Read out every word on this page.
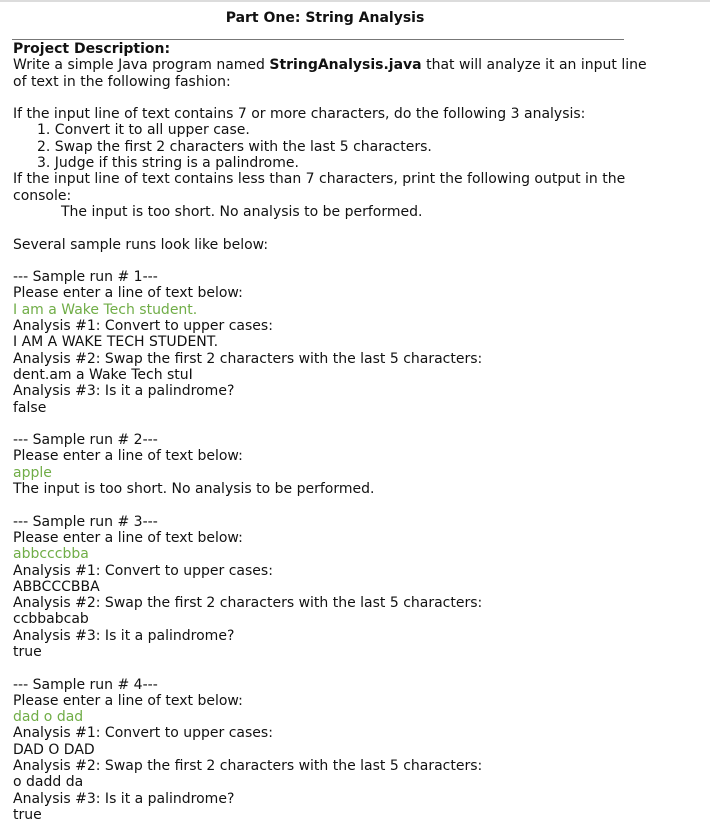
Part One: String Analysis
Project Description:
Write a simple Java program named StringAnalysis.java that will analyze it an input line
of text in the following fashion:
If the input line of text contains 7 or more characters, do the following 3 analysis:
1. Convert it to all upper case.
2. Swap the first 2 characters with the last 5 characters.
3. Judge if this string is a palindrome.
If the input line of text contains less than 7 characters, print the following output in the
console:
The input is too short. No analysis to be performed.
Several sample runs look like below:
--- Sample run # 1---
Please enter a line of text below:
I am a Wake Tech student.
Analysis #1: Convert to upper cases:
I AM A WAKE TECH STUDENT.
Analysis #2: Swap the first 2 characters with the last 5 characters:
dent.am a Wake Tech stuI
Analysis #3: Is it a palindrome?
false
--- Sample run # 2---
Please enter a line of text below:
apple
The input is too short. No analysis to be performed.
--- Sample run # 3---
Please enter a line of text below:
abbcccbba
Analysis #1: Convert to upper cases:
ABBCCCBBA
Analysis #2: Swap the first 2 characters with the last 5 characters:
ccbbabcab
Analysis #3: Is it a palindrome?
true
--- Sample run # 4---
Please enter a line of text below:
dad o dad
Analysis #1: Convert to upper cases:
DAD O DAD
Analysis #2: Swap the first 2 characters with the last 5 characters:
o dadd da
Analysis #3: Is it a palindrome?
true
